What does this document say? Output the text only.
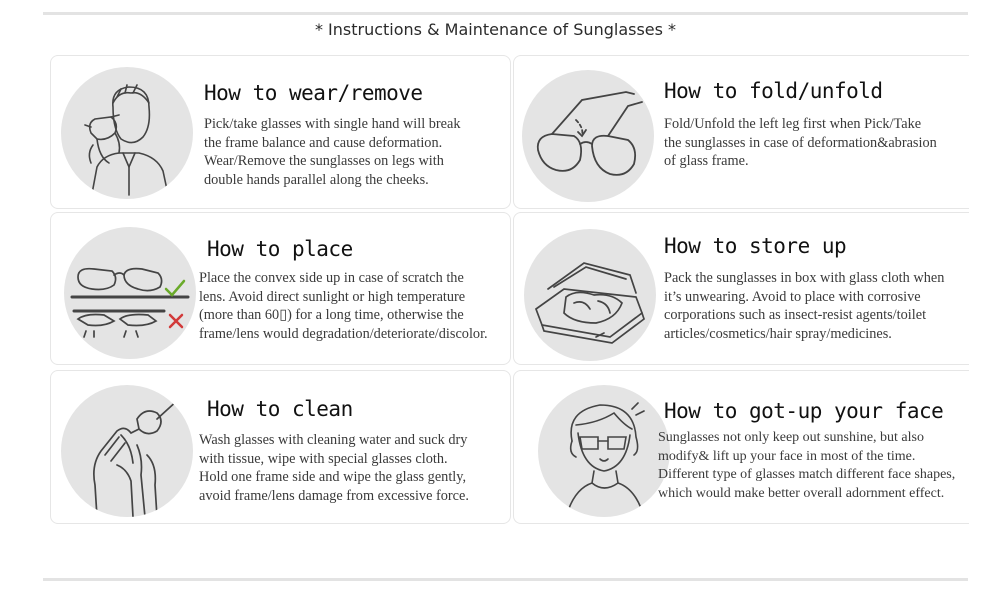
* Instructions & Maintenance of Sunglasses *
How to wear/remove
Pick/take glasses with single hand will break
the frame balance and cause deformation.
Wear/Remove the sunglasses on legs with
double hands parallel along the cheeks.
How to fold/unfold
Fold/Unfold the left leg first when Pick/Take
the sunglasses in case of deformation&abrasion
of glass frame.
How to place
Place the convex side up in case of scratch the
lens. Avoid direct sunlight or high temperature
(more than 60▯) for a long time, otherwise the
frame/lens would degradation/deteriorate/discolor.
How to store up
Pack the sunglasses in box with glass cloth when
it’s unwearing. Avoid to place with corrosive
corporations such as insect-resist agents/toilet
articles/cosmetics/hair spray/medicines.
How to clean
Wash glasses with cleaning water and suck dry
with tissue, wipe with special glasses cloth.
Hold one frame side and wipe the glass gently,
avoid frame/lens damage from excessive force.
How to got-up your face
Sunglasses not only keep out sunshine, but also
modify& lift up your face in most of the time.
Different type of glasses match different face shapes,
which would make better overall adornment effect.
